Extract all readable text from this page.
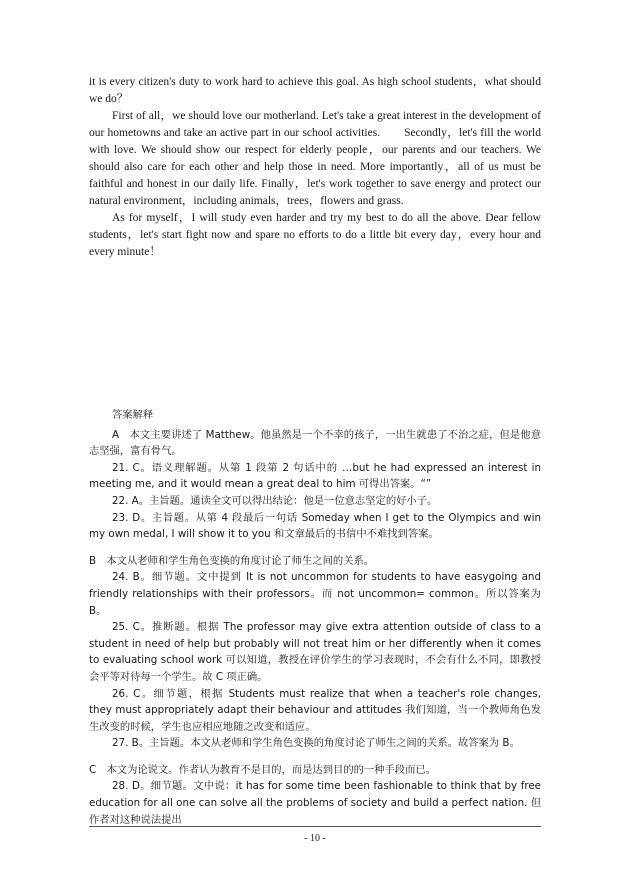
it is every citizen's duty to work hard to achieve this goal. As high school students，what should we do？

First of all，we should love our motherland. Let's take a great interest in the development of our hometowns and take an active part in our school activities.　　Secondly，let's fill the world with love. We should show our respect for elderly people，our parents and our teachers. We should also care for each other and help those in need. More importantly，all of us must be faithful and honest in our daily life. Finally，let's work together to save energy and protect our natural environment，including animals，trees，flowers and grass.

As for myself，I will study even harder and try my best to do all the above. Dear fellow students，let's start fight now and spare no efforts to do a little bit every day，every hour and every minute！

答案解释

A　本文主要讲述了 Matthew。他虽然是一个不幸的孩子，一出生就患了不治之症，但是他意志坚强，富有骨气。

21. C。语义理解题。从第 1 段第 2 句话中的 …but he had expressed an interest in meeting me, and it would mean a great deal to him 可得出答案。“”

22. A。主旨题。通读全文可以得出结论：他是一位意志坚定的好小子。

23. D。主旨题。从第 4 段最后一句话 Someday when I get to the Olympics and win my own medal, I will show it to you 和文章最后的书信中不难找到答案。

B　本文从老师和学生角色变换的角度讨论了师生之间的关系。

24. B。细节题。文中提到 It is not uncommon for students to have easygoing and friendly relationships with their professors。而 not uncommon= common。所以答案为 B。

25. C。推断题。根据 The professor may give extra attention outside of class to a student in need of help but probably will not treat him or her differently when it comes to evaluating school work 可以知道，教授在评价学生的学习表现时，不会有什么不同，即教授会平等对待每一个学生。故 C 项正确。

26. C。细节题，根据 Students must realize that when a teacher's role changes, they must appropriately adapt their behaviour and attitudes 我们知道，当一个教师角色发生改变的时候，学生也应相应地随之改变和适应。

27. B。主旨题。本文从老师和学生角色变换的角度讨论了师生之间的关系。故答案为 B。

C　本文为论说文。作者认为教育不是目的，而是达到目的的一种手段而已。

28. D。细节题。文中说：it has for some time been fashionable to think that by free education for all one can solve all the problems of society and build a perfect nation. 但作者对这种说法提出

- 10 -
